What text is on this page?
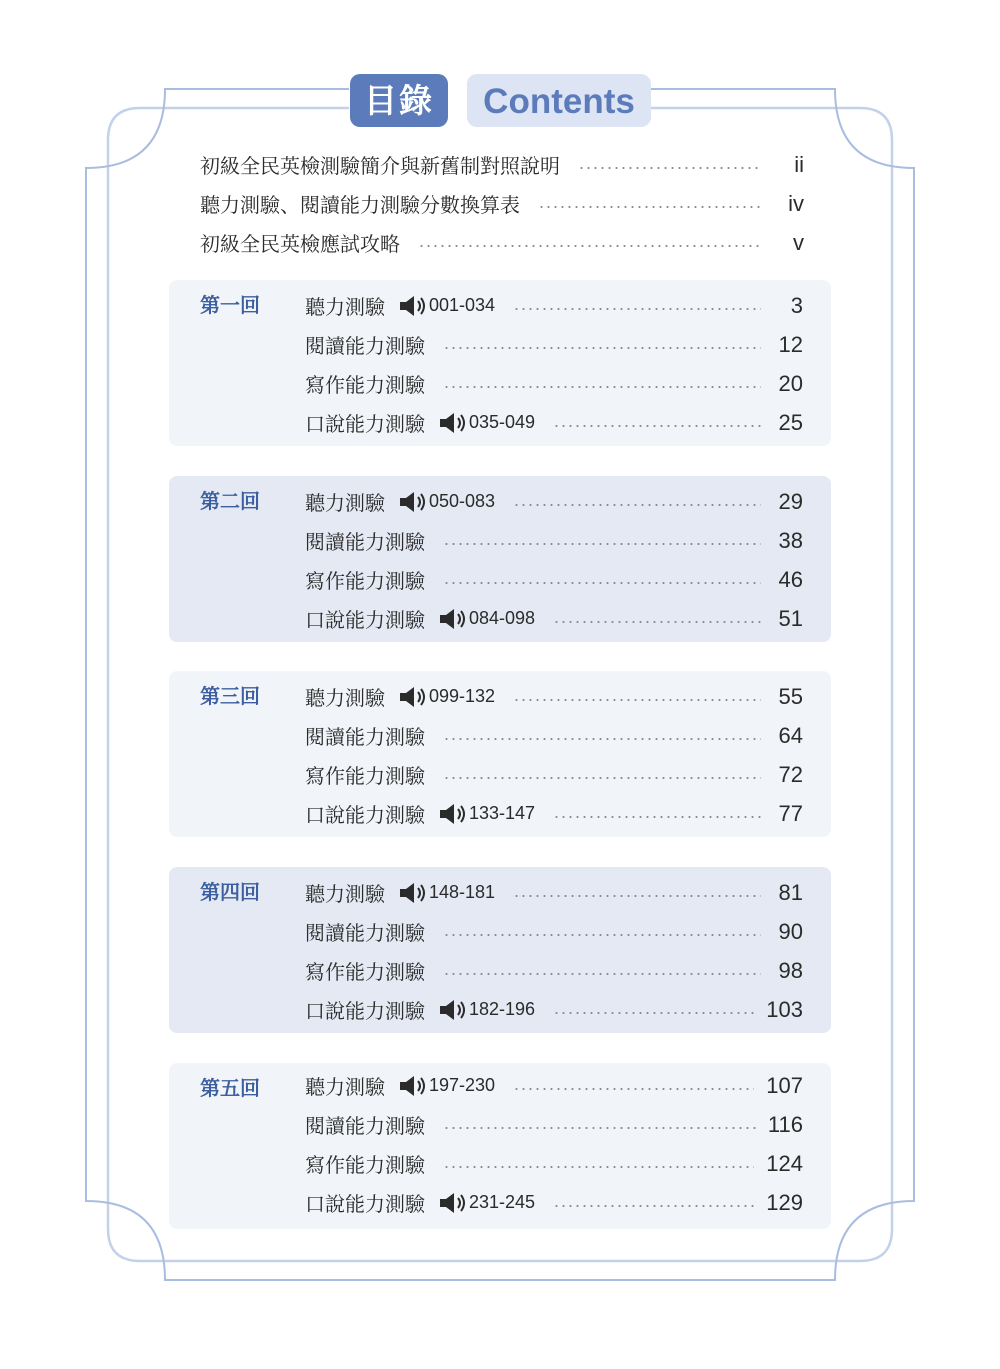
目錄	Contents
初級全民英檢測驗簡介與新舊制對照說明	ii
聽力測驗、閱讀能力測驗分數換算表	iv
初級全民英檢應試攻略	v
第一回 聽力測驗 001-034	3
閱讀能力測驗	12
寫作能力測驗	20
口說能力測驗 035-049	25
第二回 聽力測驗 050-083	29
閱讀能力測驗	38
寫作能力測驗	46
口說能力測驗 084-098	51
第三回 聽力測驗 099-132	55
閱讀能力測驗	64
寫作能力測驗	72
口說能力測驗 133-147	77
第四回 聽力測驗 148-181	81
閱讀能力測驗	90
寫作能力測驗	98
口說能力測驗 182-196	103
第五回 聽力測驗 197-230	107
閱讀能力測驗	116
寫作能力測驗	124
口說能力測驗 231-245	129
